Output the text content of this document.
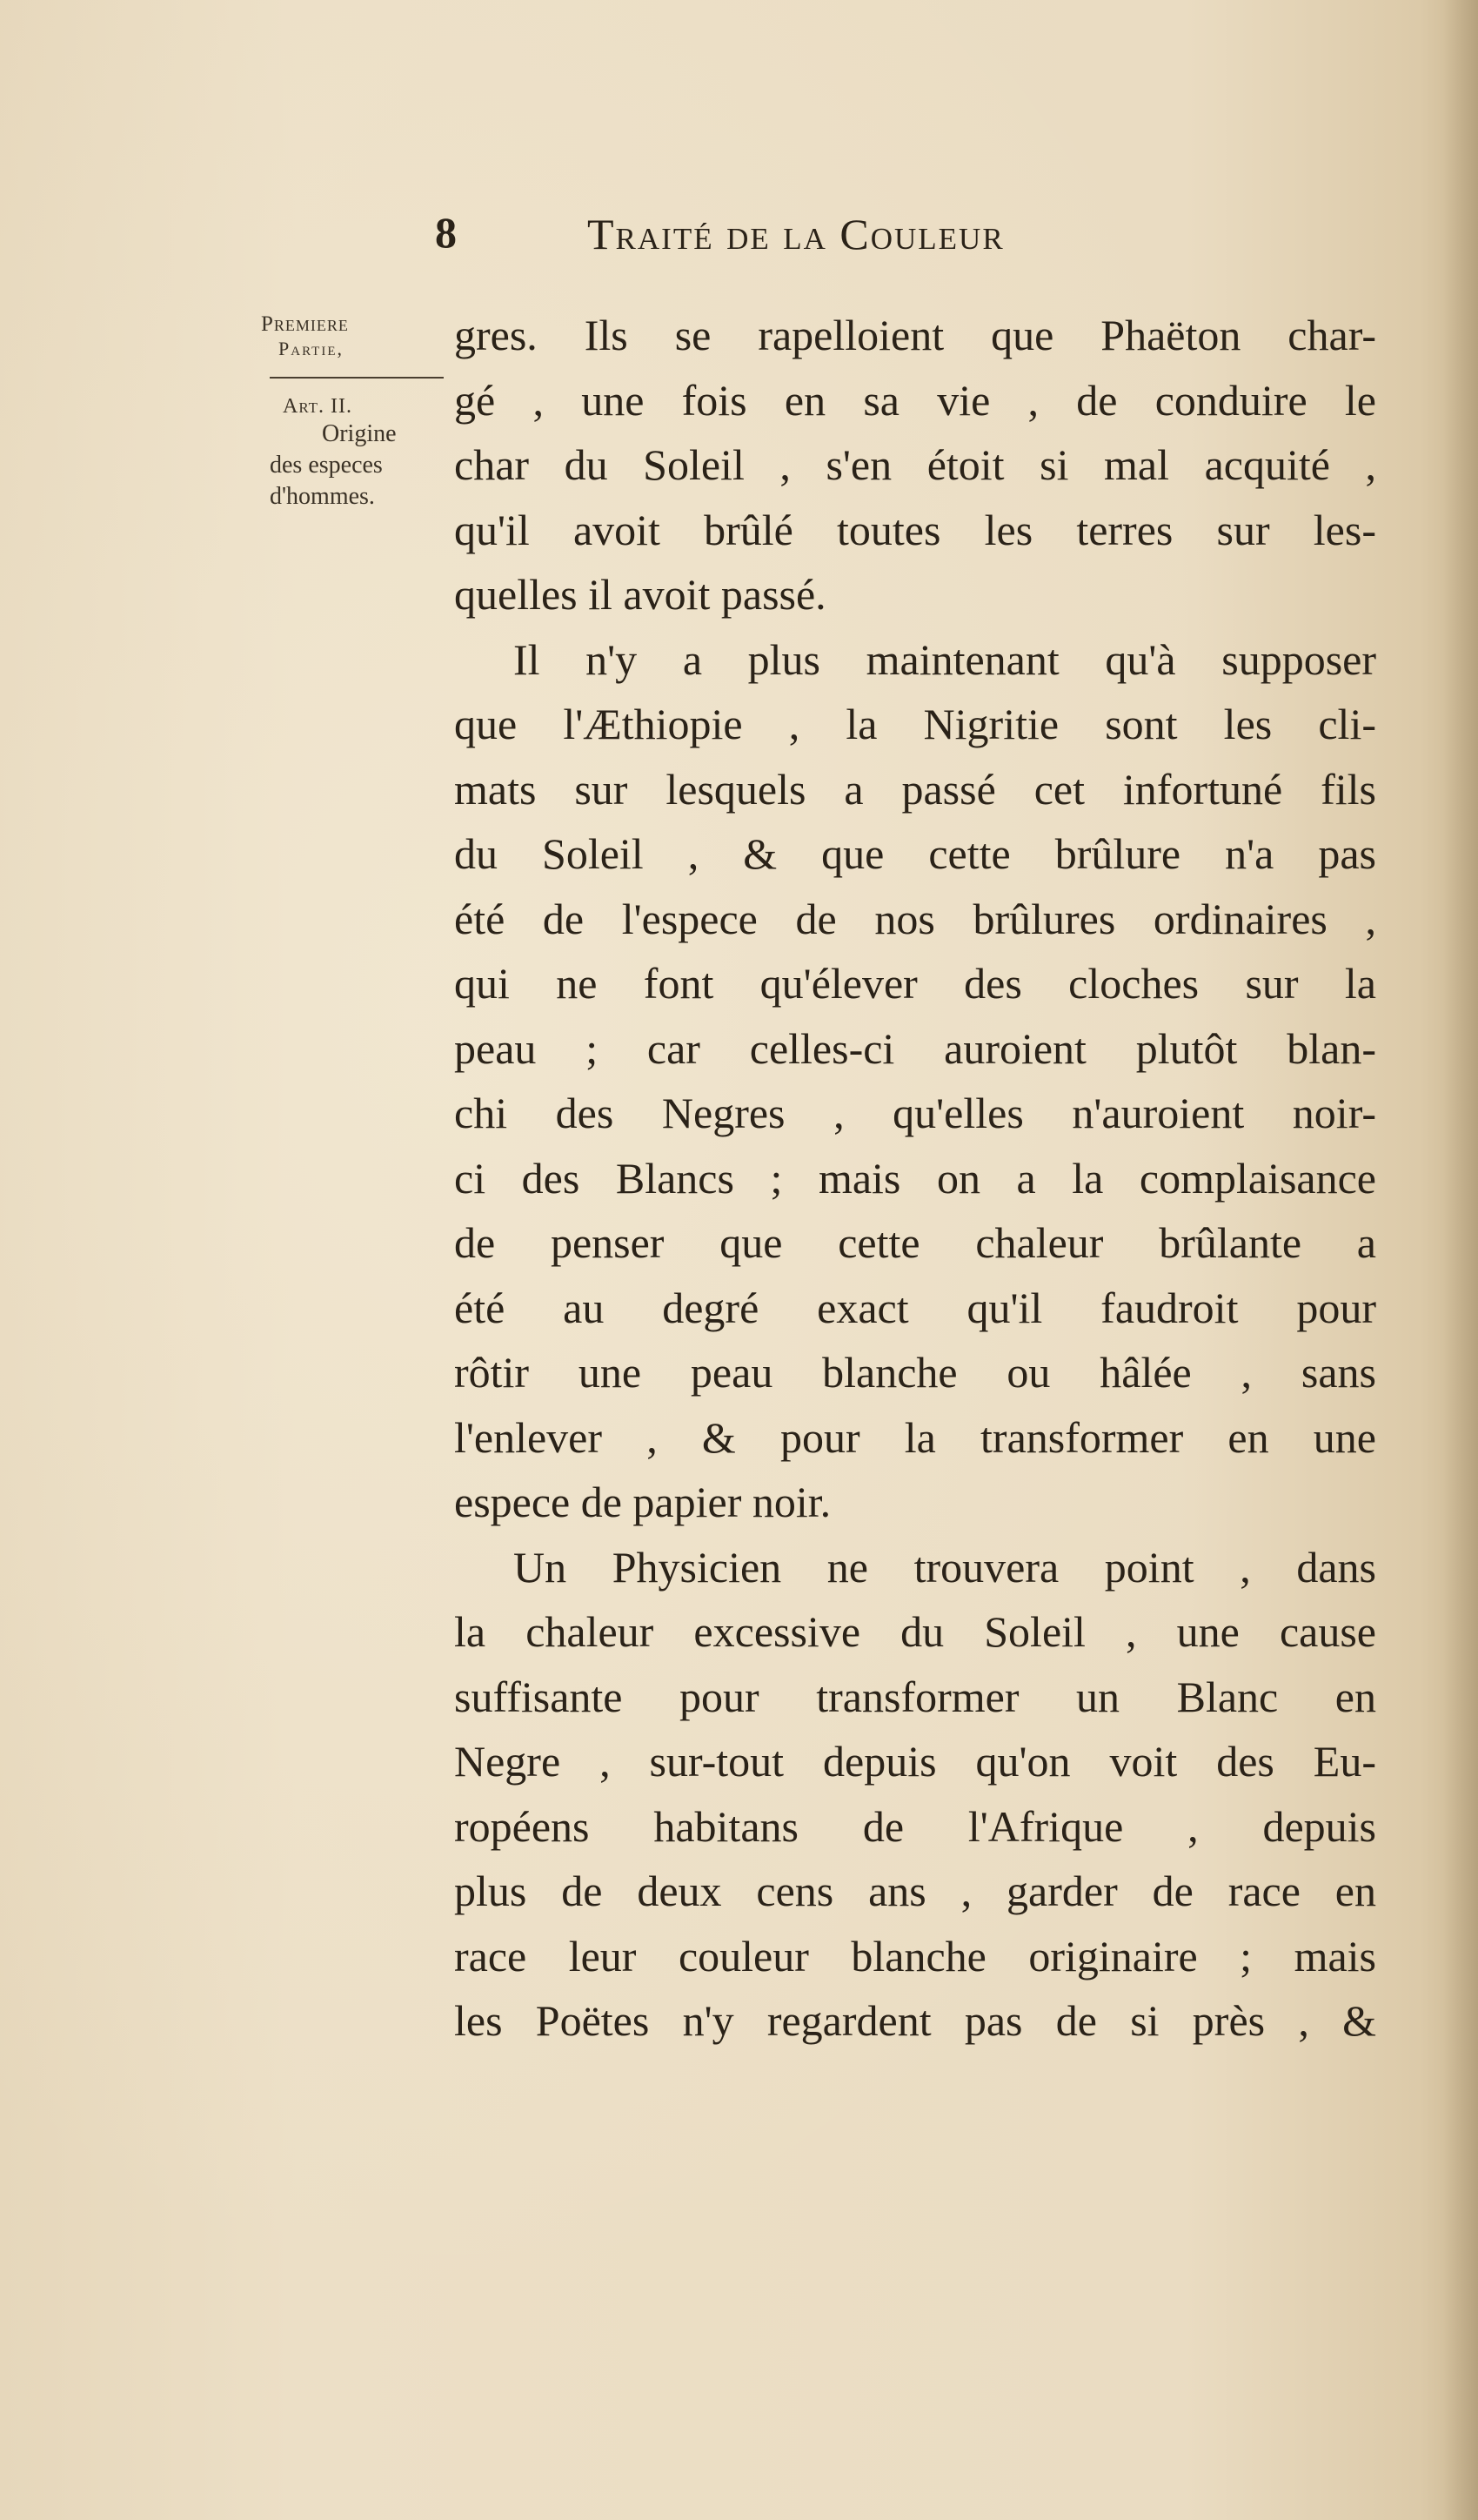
8	Traité de la Couleur
Premiere
Partie,
Art. II.
Origine
des especes
d'hommes.
gres. Ils se rapelloient que Phaëton char-
gé , une fois en sa vie , de conduire le
char du Soleil , s'en étoit si mal acquité ,
qu'il avoit brûlé toutes les terres sur les-
quelles il avoit passé.
Il n'y a plus maintenant qu'à supposer
que l'Æthiopie , la Nigritie sont les cli-
mats sur lesquels a passé cet infortuné fils
du Soleil , & que cette brûlure n'a pas
été de l'espece de nos brûlures ordinaires ,
qui ne font qu'élever des cloches sur la
peau ; car celles-ci auroient plutôt blan-
chi des Negres , qu'elles n'auroient noir-
ci des Blancs ; mais on a la complaisance
de penser que cette chaleur brûlante a
été au degré exact qu'il faudroit pour
rôtir une peau blanche ou hâlée , sans
l'enlever , & pour la transformer en une
espece de papier noir.
Un Physicien ne trouvera point , dans
la chaleur excessive du Soleil , une cause
suffisante pour transformer un Blanc en
Negre , sur-tout depuis qu'on voit des Eu-
ropéens habitans de l'Afrique , depuis
plus de deux cens ans , garder de race en
race leur couleur blanche originaire ; mais
les Poëtes n'y regardent pas de si près , &
